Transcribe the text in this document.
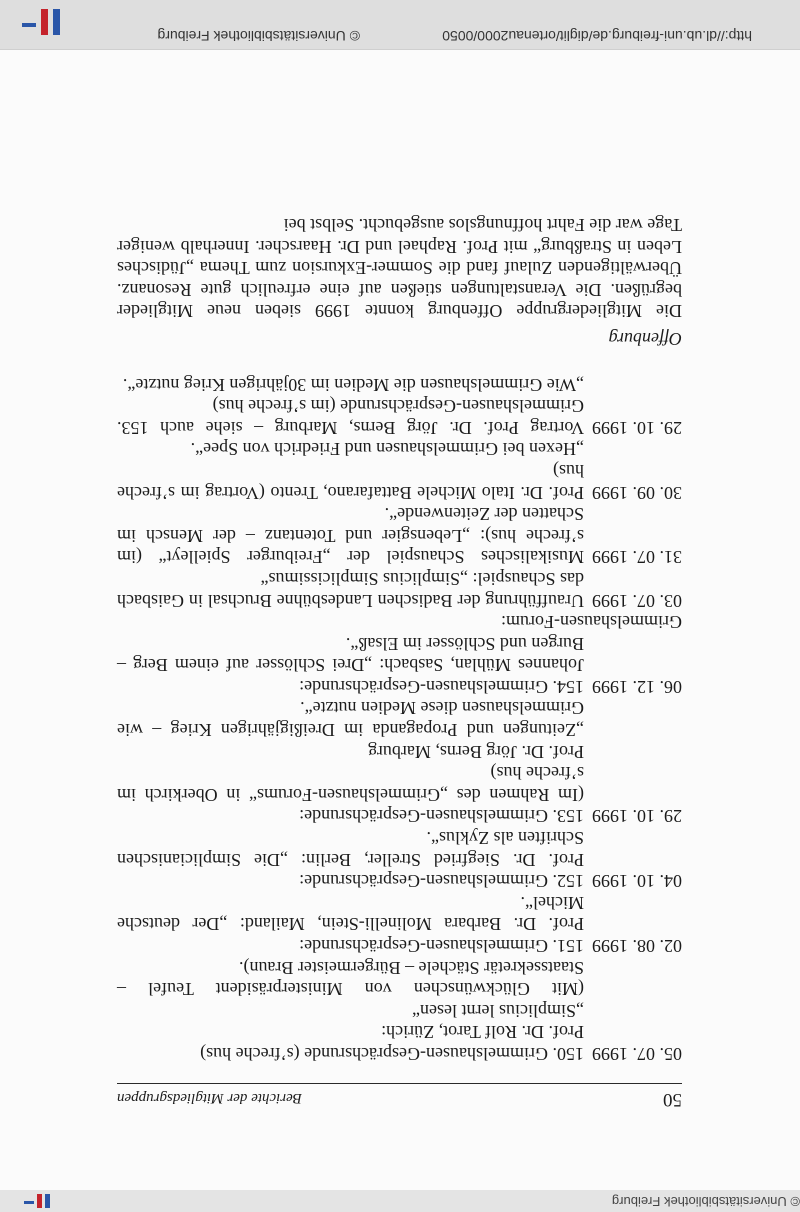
© Universitätsbibliothek Freiburg
50
Berichte der Mitgliedsgruppen
05. 07. 1999

150. Grimmelshausen-Gesprächsrunde (s’freche hus)

Prof. Dr. Rolf Tarot, Zürich:

„Simplicius lernt lesen“

(Mit Glückwünschen von Ministerpräsident Teufel – Staatssekretär Stächele – Bürgermeister Braun).

02. 08. 1999

151. Grimmelshausen-Gesprächsrunde:

Prof. Dr. Barbara Molinelli-Stein, Mailand: „Der deutsche Michel“.

04. 10. 1999

152. Grimmelshausen-Gesprächsrunde:

Prof. Dr. Siegfried Streller, Berlin: „Die Simplicianischen Schriften als Zyklus“.

29. 10. 1999

153. Grimmelshausen-Gesprächsrunde:

(Im Rahmen des „Grimmelshausen-Forums“ in Oberkirch im s’freche hus)

Prof. Dr. Jörg Berns, Marburg

„Zeitungen und Propaganda im Dreißigjährigen Krieg – wie Grimmelshausen diese Medien nutzte“.

06. 12. 1999

154. Grimmelshausen-Gesprächsrunde:

Johannes Mühlan, Sasbach: „Drei Schlösser auf einem Berg – Burgen und Schlösser im Elsaß“.

Grimmelshausen-Forum:

03. 07. 1999

Uraufführung der Badischen Landesbühne Bruchsal in Gaisbach das Schauspiel: „Simplicius Simplicissimus“

31. 07. 1999

Musikalisches Schauspiel der „Freiburger Spielleyt“ (im s’freche hus): „Lebensgier und Totentanz – der Mensch im Schatten der Zeitenwende“.

30. 09. 1999

Prof. Dr. Italo Michele Battafarano, Trento (Vortrag im s’freche hus)

„Hexen bei Grimmelshausen und Friedrich von Spee“.

29. 10. 1999

Vortrag Prof. Dr. Jörg Berns, Marburg – siehe auch 153. Grimmelshausen-Gesprächsrunde (im s’freche hus)

„Wie Grimmelshausen die Medien im 30jährigen Krieg nutzte“.

Offenburg

Die Mitgliedergruppe Offenburg konnte 1999 sieben neue Mitglieder begrüßen. Die Veranstaltungen stießen auf eine erfreulich gute Resonanz. Überwältigenden Zulauf fand die Sommer-Exkursion zum Thema „Jüdisches Leben in Straßburg“ mit Prof. Raphael und Dr. Haarscher. Innerhalb weniger Tage war die Fahrt hoffnungslos ausgebucht. Selbst bei

http://dl.ub.uni-freiburg.de/diglit/ortenau2000/0050
© Universitätsbibliothek Freiburg
